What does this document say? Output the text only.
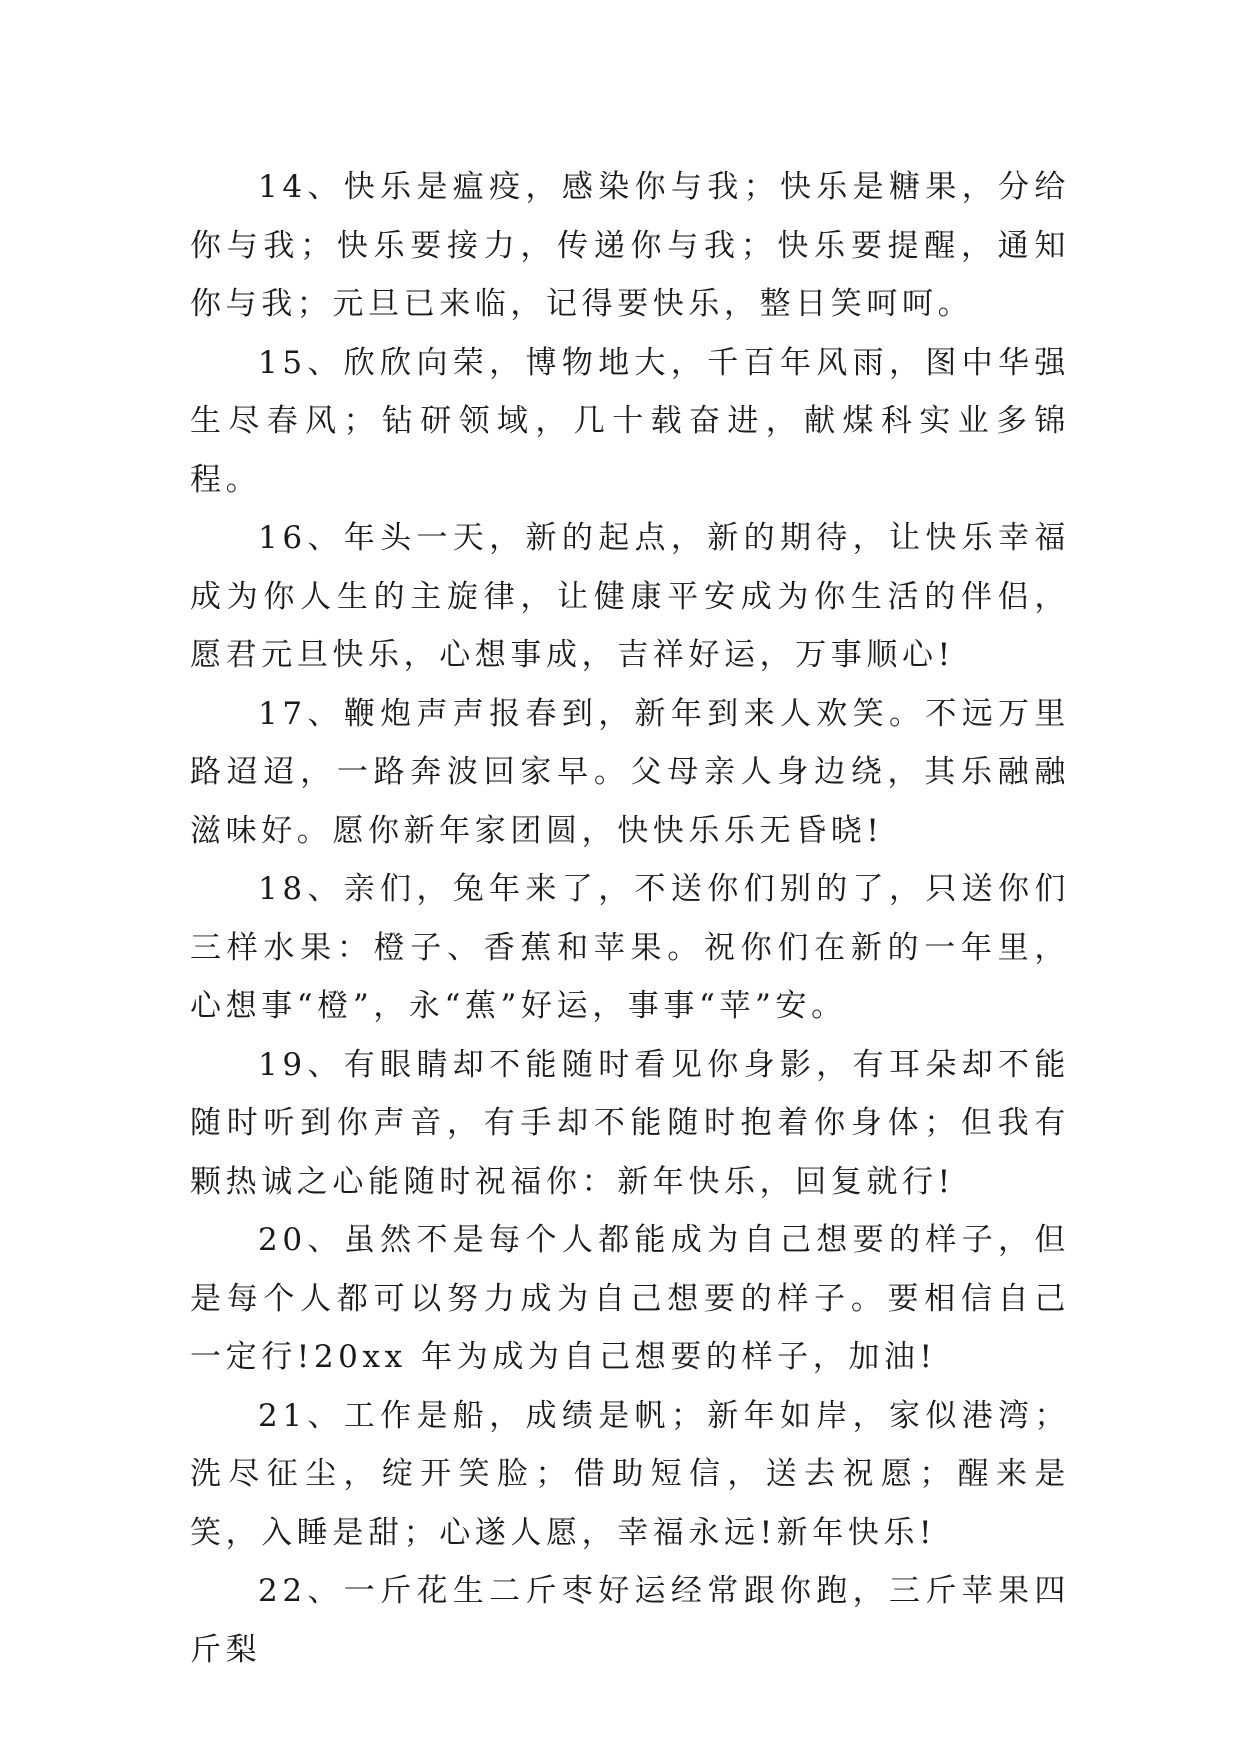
14、快乐是瘟疫，感染你与我；快乐是糖果，分给你与我；快乐要接力，传递你与我；快乐要提醒，通知你与我；元旦已来临，记得要快乐，整日笑呵呵。

15、欣欣向荣，博物地大，千百年风雨，图中华强生尽春风；钻研领域，几十载奋进，献煤科实业多锦程。

16、年头一天，新的起点，新的期待，让快乐幸福成为你人生的主旋律，让健康平安成为你生活的伴侣，愿君元旦快乐，心想事成，吉祥好运，万事顺心!

17、鞭炮声声报春到，新年到来人欢笑。不远万里路迢迢，一路奔波回家早。父母亲人身边绕，其乐融融滋味好。愿你新年家团圆，快快乐乐无昏晓!

18、亲们，兔年来了，不送你们别的了，只送你们三样水果：橙子、香蕉和苹果。祝你们在新的一年里，心想事“橙”，永“蕉”好运，事事“苹”安。

19、有眼睛却不能随时看见你身影，有耳朵却不能随时听到你声音，有手却不能随时抱着你身体；但我有颗热诚之心能随时祝福你：新年快乐，回复就行!

20、虽然不是每个人都能成为自己想要的样子，但是每个人都可以努力成为自己想要的样子。要相信自己一定行!20xx 年为成为自己想要的样子，加油!

21、工作是船，成绩是帆；新年如岸，家似港湾；洗尽征尘，绽开笑脸；借助短信，送去祝愿；醒来是笑，入睡是甜；心遂人愿，幸福永远!新年快乐!

22、一斤花生二斤枣好运经常跟你跑，三斤苹果四斤梨
